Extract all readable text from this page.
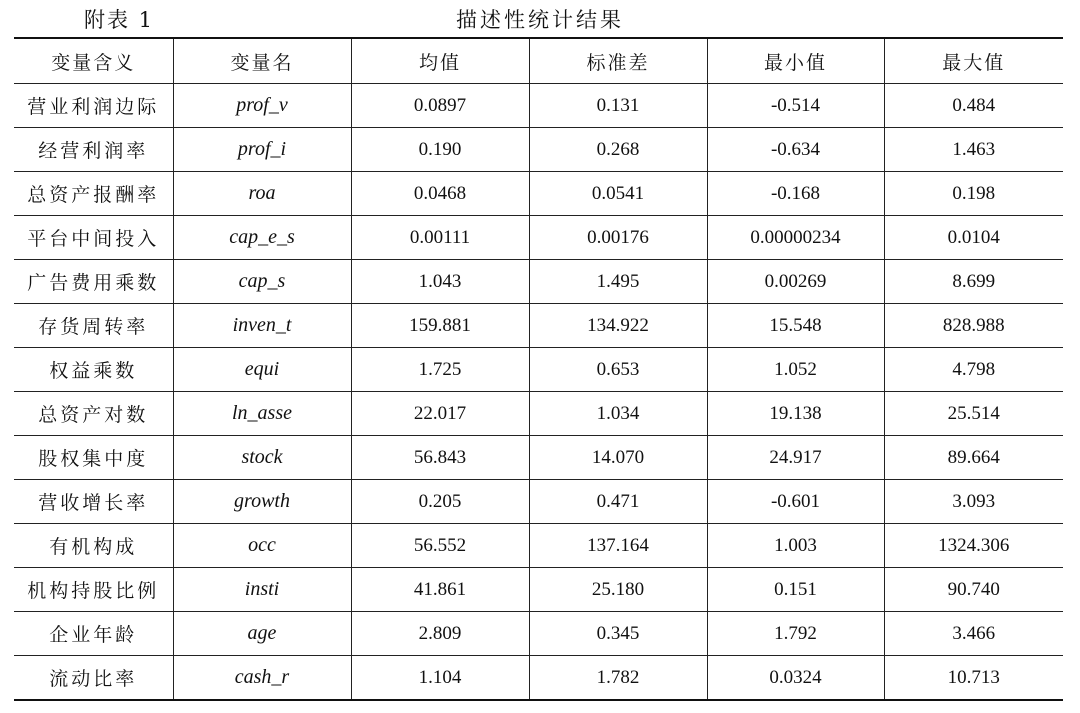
附表 1	描述性统计结果
变量含义	变量名	均值	标准差	最小值	最大值
营业利润边际	prof_v	0.0897	0.131	-0.514	0.484
经营利润率	prof_i	0.190	0.268	-0.634	1.463
总资产报酬率	roa	0.0468	0.0541	-0.168	0.198
平台中间投入	cap_e_s	0.00111	0.00176	0.00000234	0.0104
广告费用乘数	cap_s	1.043	1.495	0.00269	8.699
存货周转率	inven_t	159.881	134.922	15.548	828.988
权益乘数	equi	1.725	0.653	1.052	4.798
总资产对数	ln_asse	22.017	1.034	19.138	25.514
股权集中度	stock	56.843	14.070	24.917	89.664
营收增长率	growth	0.205	0.471	-0.601	3.093
有机构成	occ	56.552	137.164	1.003	1324.306
机构持股比例	insti	41.861	25.180	0.151	90.740
企业年龄	age	2.809	0.345	1.792	3.466
流动比率	cash_r	1.104	1.782	0.0324	10.713
